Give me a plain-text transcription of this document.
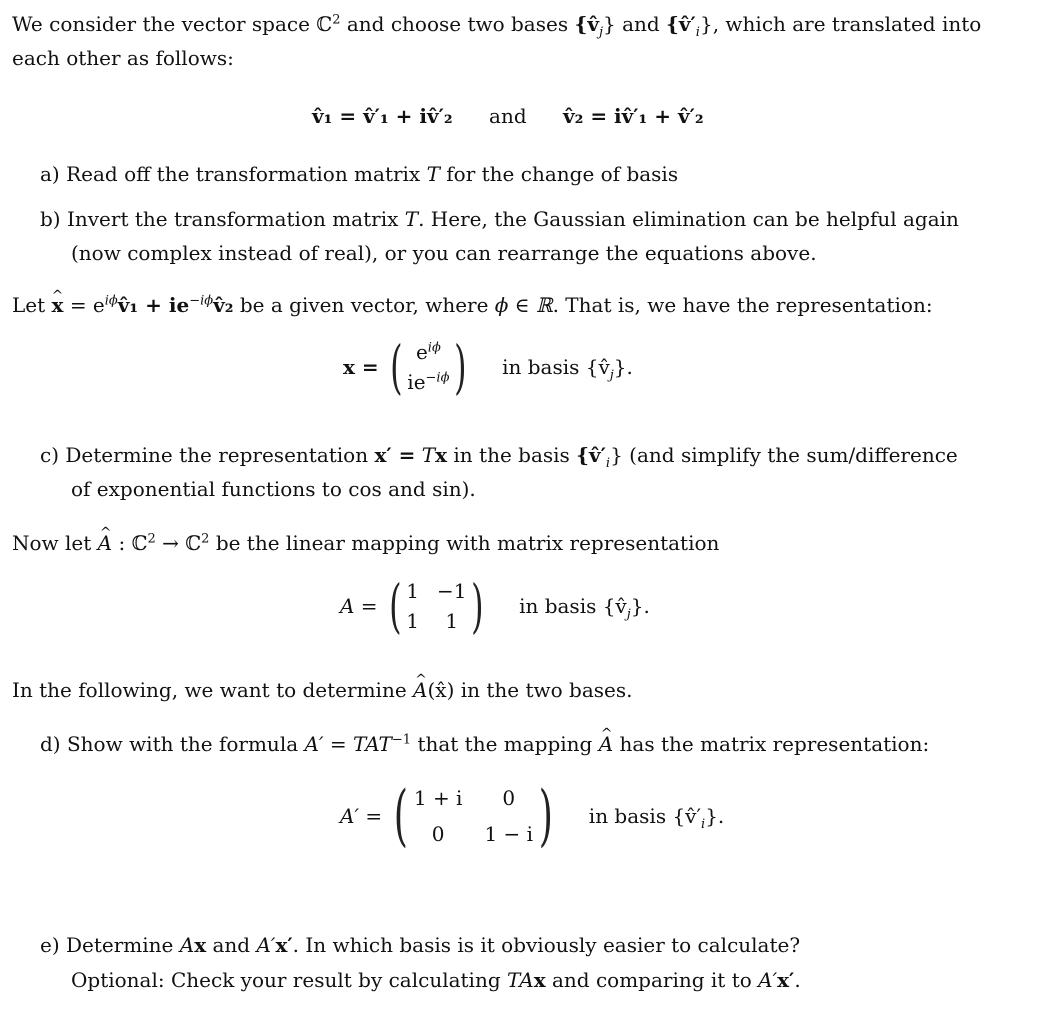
We consider the vector space ℂ$^2$ and choose two bases $\{v̂_j\}$ and $\{v̂'_i\}$, which are translated into
each other as follows:
v̂₁ = v̂′₁ + iv̂′₂ and v̂₂ = iv̂′₁ + v̂′₂
a) Read off the transformation matrix T for the change of basis
b) Invert the transformation matrix T. Here, the Gaussian elimination can be helpful again
(now complex instead of real), or you can rearrange the equations above.
Let ^ $x = e^{i\phi}v̂_1$ + $ie^{-i\phi}v̂_2$ be a given vector, where ϕ ∈ ℝ. That is, we have the representation:
x = ( $e^{i\phi}$
$ie^{-i\phi}$ ) in basis $\{v̂_j\}$.
c) Determine the representation x′ = Tx in the basis $\{v̂'_i\}$ (and simplify the sum/difference
of exponential functions to cos and sin).
Now let ^ A : ℂ$^2$ → ℂ$^2$ be the linear mapping with matrix representation
A = ( 1 −1
1	1 ) in basis $\{v̂_j\}$.
In the following, we want to determine ^ A(x̂) in the two bases.
d) Show with the formula $A' = TAT^{-1}$ that the mapping ^ A has the matrix representation:
A′ = ( 1 + i	0
0	1 − i ) in basis $\{v̂'_i\}$.
e) Determine Ax and A′x′. In which basis is it obviously easier to calculate?
Optional: Check your result by calculating TAx and comparing it to A′x′.
